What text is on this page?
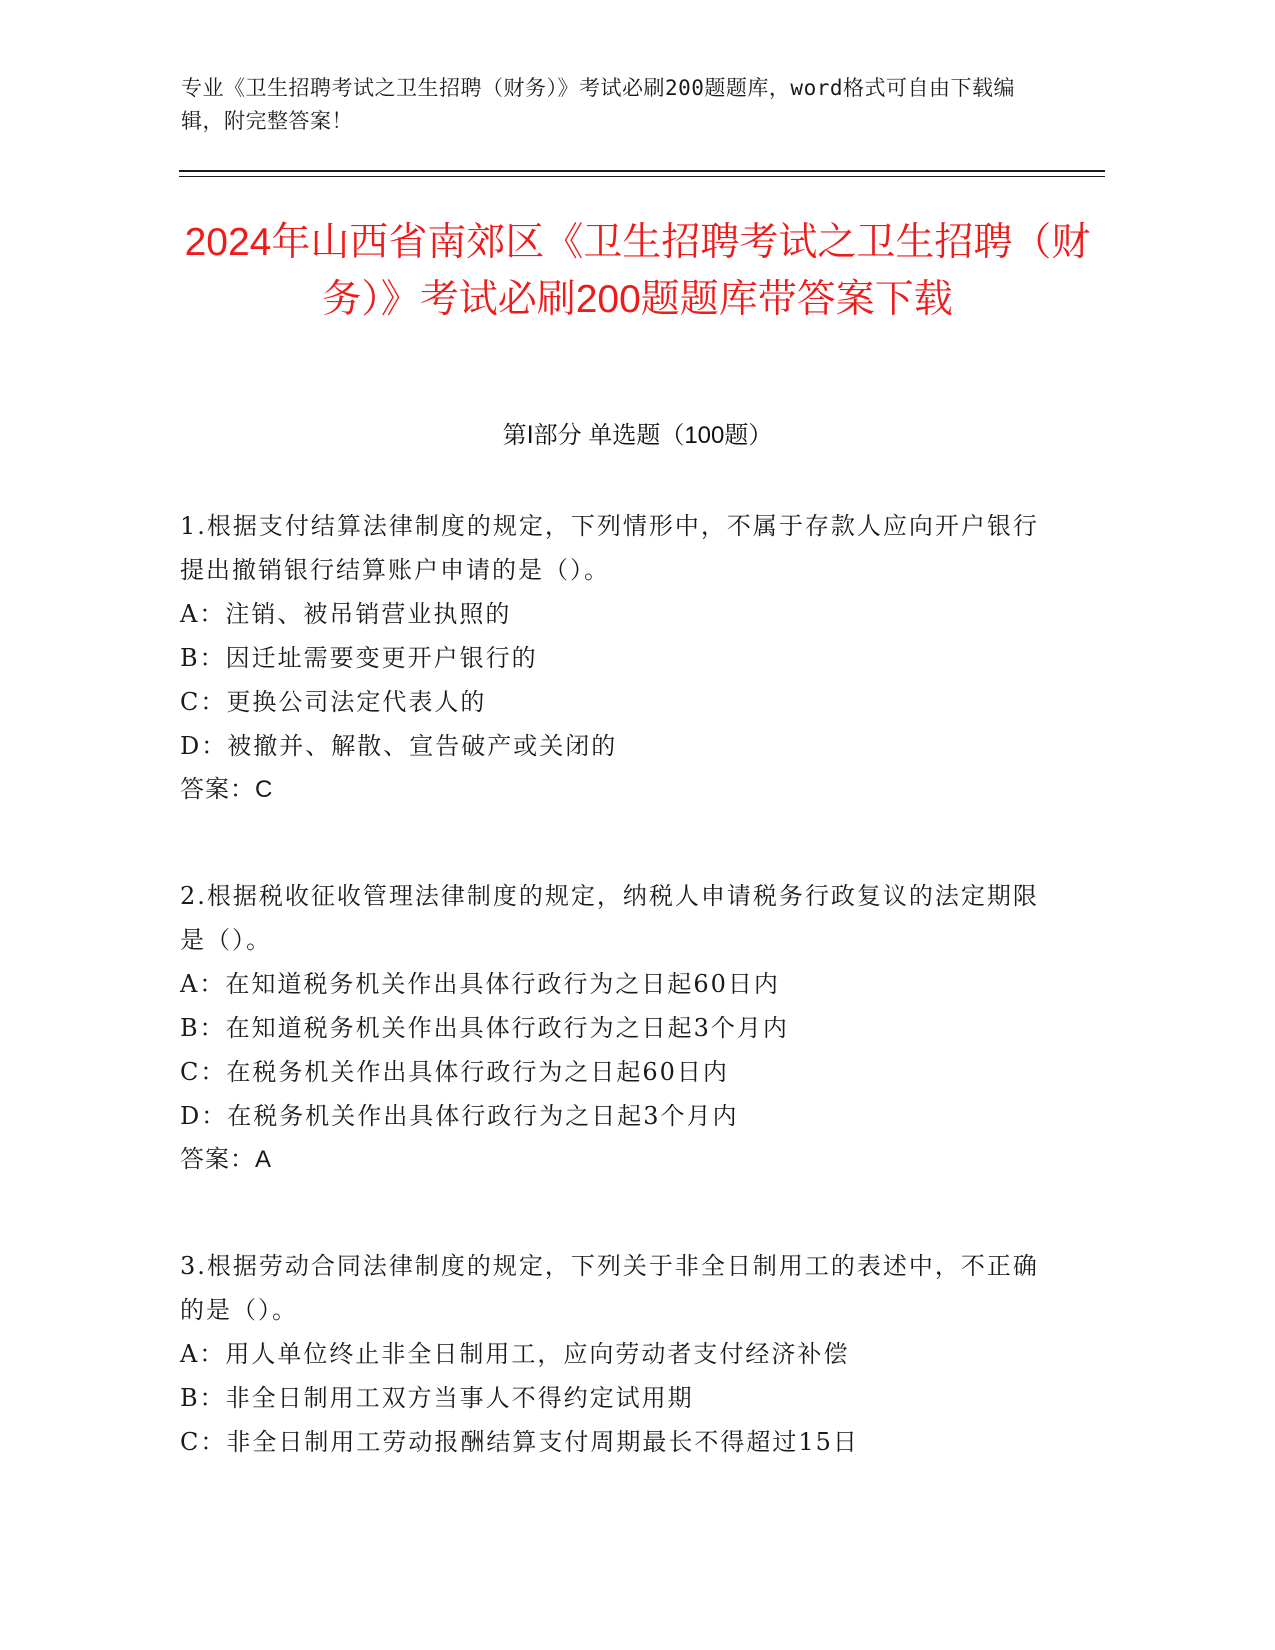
专业《卫生招聘考试之卫生招聘（财务）》考试必刷200题题库，word格式可自由下载编辑，附完整答案！
2024年山西省南郊区《卫生招聘考试之卫生招聘（财务）》考试必刷200题题库带答案下载
第Ⅰ部分 单选题（100题）

1.根据支付结算法律制度的规定，下列情形中，不属于存款人应向开户银行提出撤销银行结算账户申请的是（）。

A：注销、被吊销营业执照的

B：因迁址需要变更开户银行的

C：更换公司法定代表人的

D：被撤并、解散、宣告破产或关闭的

答案：C

2.根据税收征收管理法律制度的规定，纳税人申请税务行政复议的法定期限是（）。

A：在知道税务机关作出具体行政行为之日起60日内

B：在知道税务机关作出具体行政行为之日起3个月内

C：在税务机关作出具体行政行为之日起60日内

D：在税务机关作出具体行政行为之日起3个月内

答案：A

3.根据劳动合同法律制度的规定，下列关于非全日制用工的表述中，不正确的是（）。

A：用人单位终止非全日制用工，应向劳动者支付经济补偿

B：非全日制用工双方当事人不得约定试用期

C：非全日制用工劳动报酬结算支付周期最长不得超过15日
